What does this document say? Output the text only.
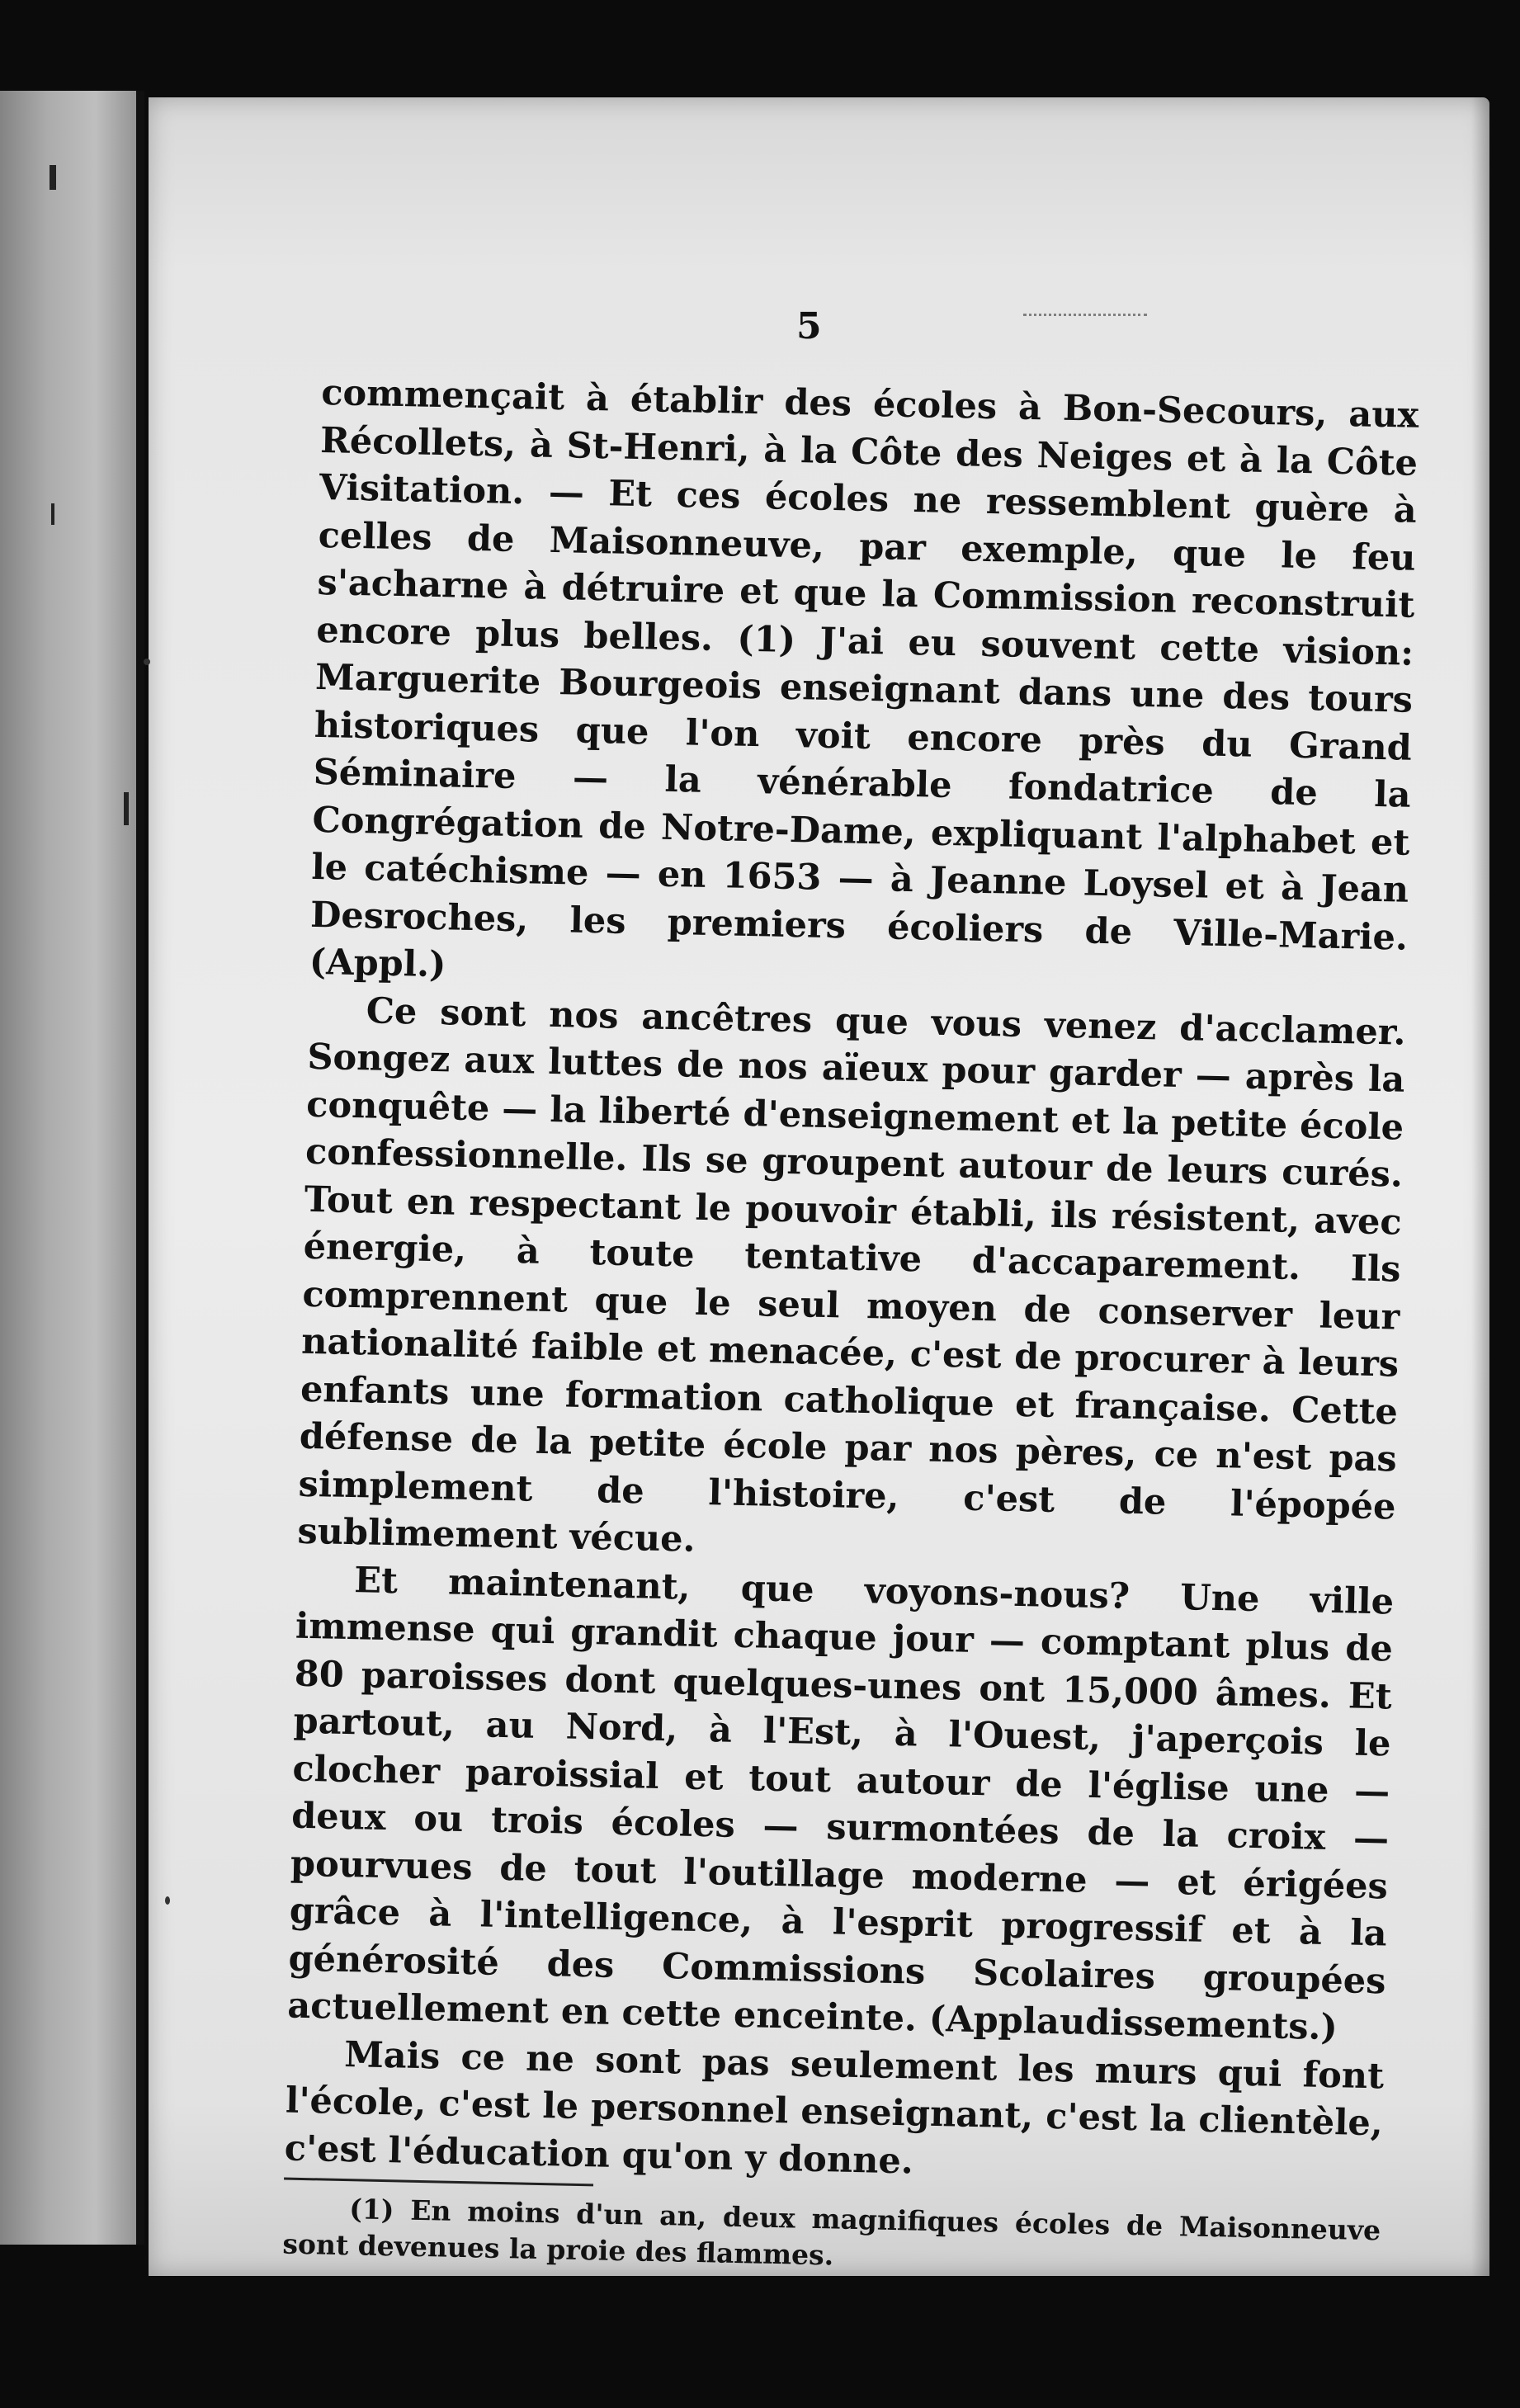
5

commençait à établir des écoles à Bon-Secours, aux Récollets, à St-Henri, à la Côte des Neiges et à la Côte Visitation. — Et ces écoles ne ressemblent guère à celles de Maisonneuve, par exemple, que le feu s'acharne à détruire et que la Commission reconstruit encore plus belles. (1) J'ai eu souvent cette vision: Marguerite Bourgeois enseignant dans une des tours historiques que l'on voit encore près du Grand Séminaire — la vénérable fondatrice de la Congrégation de Notre-Dame, expliquant l'alphabet et le catéchisme — en 1653 — à Jeanne Loysel et à Jean Desroches, les premiers écoliers de Ville-Marie. (Appl.)

Ce sont nos ancêtres que vous venez d'acclamer. Songez aux luttes de nos aïeux pour garder — après la conquête — la liberté d'enseignement et la petite école confessionnelle. Ils se groupent autour de leurs curés. Tout en respectant le pouvoir établi, ils résistent, avec énergie, à toute tentative d'accaparement. Ils comprennent que le seul moyen de conserver leur nationalité faible et menacée, c'est de procurer à leurs enfants une formation catholique et française. Cette défense de la petite école par nos pères, ce n'est pas simplement de l'histoire, c'est de l'épopée sublimement vécue.

Et maintenant, que voyons-nous? Une ville immense qui grandit chaque jour — comptant plus de 80 paroisses dont quelques-unes ont 15,000 âmes. Et partout, au Nord, à l'Est, à l'Ouest, j'aperçois le clocher paroissial et tout autour de l'église une — deux ou trois écoles — surmontées de la croix — pourvues de tout l'outillage moderne — et érigées grâce à l'intelligence, à l'esprit progressif et à la générosité des Commissions Scolaires groupées actuellement en cette enceinte. (Applaudissements.)

Mais ce ne sont pas seulement les murs qui font l'école, c'est le personnel enseignant, c'est la clientèle, c'est l'éducation qu'on y donne.

(1) En moins d'un an, deux magnifiques écoles de Maisonneuve sont devenues la proie des flammes.
